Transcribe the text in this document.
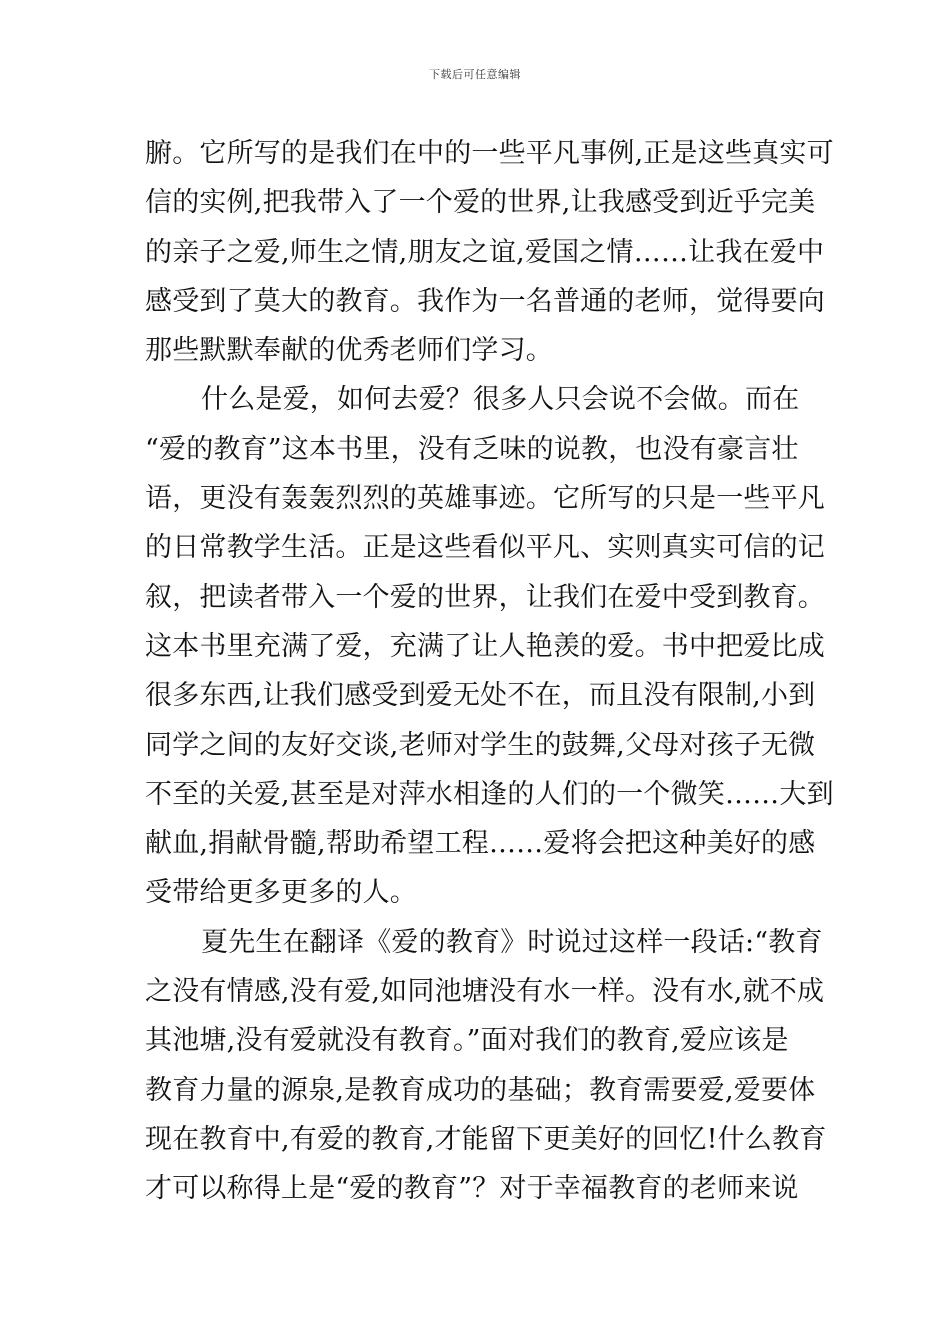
下载后可任意编辑
腑。它所写的是我们在中的一些平凡事例,正是这些真实可
信的实例,把我带入了一个爱的世界,让我感受到近乎完美
的亲子之爱,师生之情,朋友之谊,爱国之情……让我在爱中
感受到了莫大的教育。我作为一名普通的老师，觉得要向
那些默默奉献的优秀老师们学习。
什么是爱，如何去爱？很多人只会说不会做。而在
“爱的教育”这本书里，没有乏味的说教，也没有豪言壮
语，更没有轰轰烈烈的英雄事迹。它所写的只是一些平凡
的日常教学生活。正是这些看似平凡、实则真实可信的记
叙，把读者带入一个爱的世界，让我们在爱中受到教育。
这本书里充满了爱，充满了让人艳羡的爱。书中把爱比成
很多东西,让我们感受到爱无处不在，而且没有限制,小到
同学之间的友好交谈,老师对学生的鼓舞,父母对孩子无微
不至的关爱,甚至是对萍水相逢的人们的一个微笑……大到
献血,捐献骨髓,帮助希望工程……爱将会把这种美好的感
受带给更多更多的人。
夏先生在翻译《爱的教育》时说过这样一段话:“教育
之没有情感,没有爱,如同池塘没有水一样。没有水,就不成
其池塘,没有爱就没有教育。”面对我们的教育,爱应该是
教育力量的源泉,是教育成功的基础；教育需要爱,爱要体
现在教育中,有爱的教育,才能留下更美好的回忆!什么教育
才可以称得上是“爱的教育”？对于幸福教育的老师来说
